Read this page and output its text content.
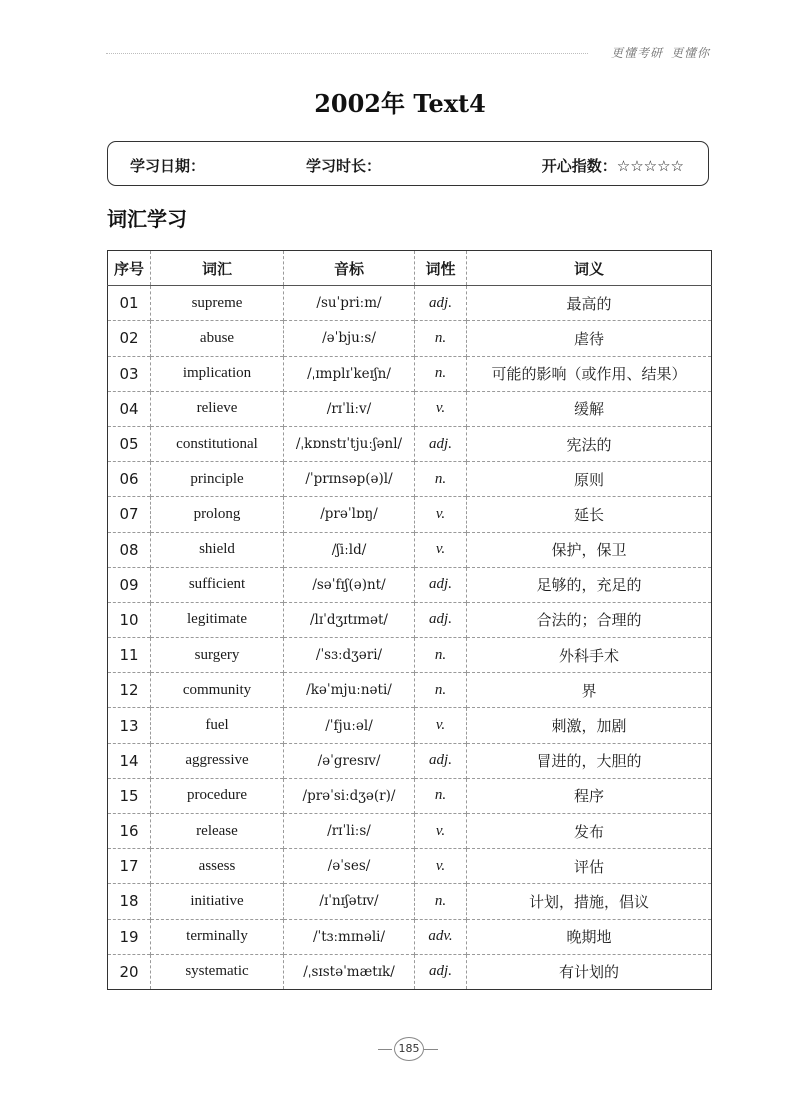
更懂考研 更懂你
2002年 Text4
学习日期：	学习时长：	开心指数：☆☆☆☆☆
词汇学习
序号	词汇	音标	词性	词义
01	supreme	/suˈpriːm/	adj.	最高的
02	abuse	/əˈbjuːs/	n.	虐待
03	implication	/ˌɪmplɪˈkeɪʃn/	n.	可能的影响（或作用、结果）
04	relieve	/rɪˈliːv/	v.	缓解
05	constitutional	/ˌkɒnstɪˈtjuːʃənl/	adj.	宪法的
06	principle	/ˈprɪnsəp(ə)l/	n.	原则
07	prolong	/prəˈlɒŋ/	v.	延长
08	shield	/ʃiːld/	v.	保护，保卫
09	sufficient	/səˈfɪʃ(ə)nt/	adj.	足够的，充足的
10	legitimate	/lɪˈdʒɪtɪmət/	adj.	合法的；合理的
11	surgery	/ˈsɜːdʒəri/	n.	外科手术
12	community	/kəˈmjuːnəti/	n.	界
13	fuel	/ˈfjuːəl/	v.	刺激，加剧
14	aggressive	/əˈgresɪv/	adj.	冒进的，大胆的
15	procedure	/prəˈsiːdʒə(r)/	n.	程序
16	release	/rɪˈliːs/	v.	发布
17	assess	/əˈses/	v.	评估
18	initiative	/ɪˈnɪʃətɪv/	n.	计划，措施，倡议
19	terminally	/ˈtɜːmɪnəli/	adv.	晚期地
20	systematic	/ˌsɪstəˈmætɪk/	adj.	有计划的
185
